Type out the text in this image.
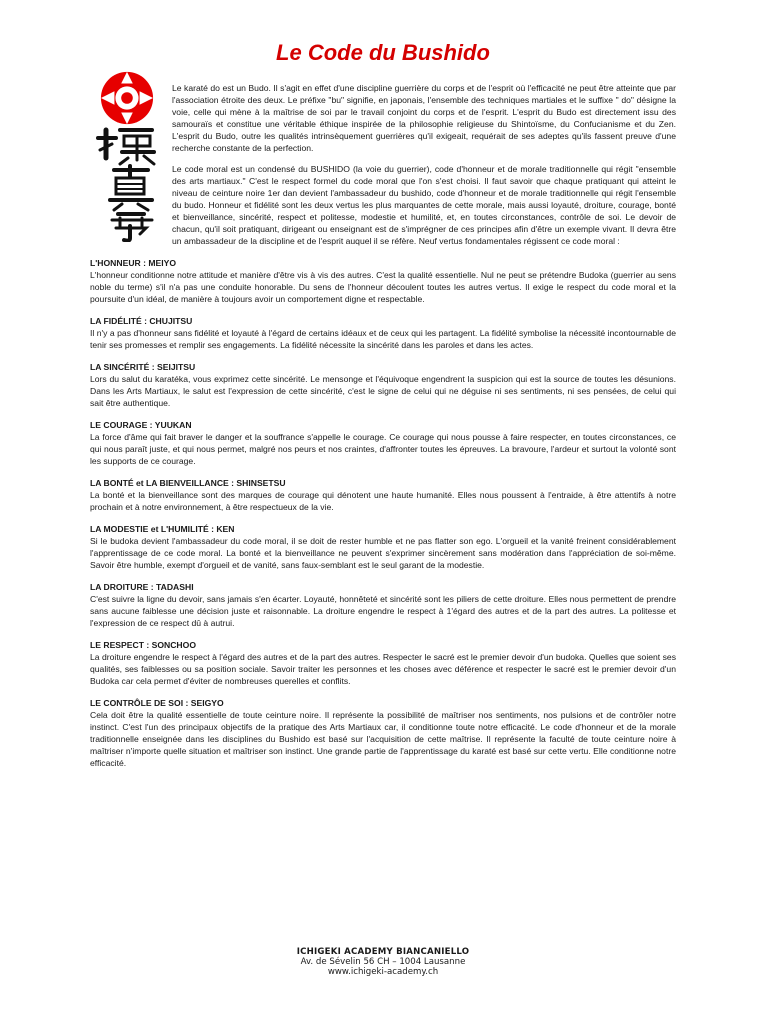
Le Code du Bushido

Le karaté do est un Budo. Il s'agit en effet d'une discipline guerrière du corps et de l'esprit où l'efficacité ne peut être atteinte que par l'association étroite des deux. Le préfixe "bu" signifie, en japonais, l'ensemble des techniques martiales et le suffixe " do" désigne la voie, celle qui mène à la maîtrise de soi par le travail conjoint du corps et de l'esprit. L'esprit du Budo est directement issu des samouraïs et constitue une véritable éthique inspirée de la philosophie religieuse du Shintoïsme, du Confucianisme et du Zen. L'esprit du Budo, outre les qualités intrinsèquement guerrières qu'il exigeait, requérait de ses adeptes qu'ils fassent preuve d'une recherche constante de la perfection.

Le code moral est un condensé du BUSHIDO (la voie du guerrier), code d'honneur et de morale traditionnelle qui régit "ensemble des arts martiaux." C'est le respect formel du code moral que l'on s'est choisi. Il faut savoir que chaque pratiquant qui atteint le niveau de ceinture noire 1er dan devient l'ambassadeur du bushido, code d'honneur et de morale traditionnelle qui régit l'ensemble du budo. Honneur et fidélité sont les deux vertus les plus marquantes de cette morale, mais aussi loyauté, droiture, courage, bonté et bienveillance, sincérité, respect et politesse, modestie et humilité, et, en toutes circonstances, contrôle de soi. Le devoir de chacun, qu'il soit pratiquant, dirigeant ou enseignant est de s'imprégner de ces principes afin d'être un exemple vivant. Il devra être un ambassadeur de la discipline et de l'esprit auquel il se réfère. Neuf vertus fondamentales régissent ce code moral :

L'HONNEUR : MEIYO

L'honneur conditionne notre attitude et manière d'être vis à vis des autres. C'est la qualité essentielle. Nul ne peut se prétendre Budoka (guerrier au sens noble du terme) s'il n'a pas une conduite honorable. Du sens de l'honneur découlent toutes les autres vertus. Il exige le respect du code moral et la poursuite d'un idéal, de manière à toujours avoir un comportement digne et respectable.

LA FIDÉLITÉ : CHUJITSU

Il n'y a pas d'honneur sans fidélité et loyauté à l'égard de certains idéaux et de ceux qui les partagent. La fidélité symbolise la nécessité incontournable de tenir ses promesses et remplir ses engagements. La fidélité nécessite la sincérité dans les paroles et dans les actes.

LA SINCÉRITÉ : SEIJITSU

Lors du salut du karatéka, vous exprimez cette sincérité. Le mensonge et l'équivoque engendrent la suspicion qui est la source de toutes les désunions. Dans les Arts Martiaux, le salut est l'expression de cette sincérité, c'est le signe de celui qui ne déguise ni ses sentiments, ni ses pensées, de celui qui sait être authentique.

LE COURAGE : YUUKAN

La force d'âme qui fait braver le danger et la souffrance s'appelle le courage. Ce courage qui nous pousse à faire respecter, en toutes circonstances, ce qui nous paraît juste, et qui nous permet, malgré nos peurs et nos craintes, d'affronter toutes les épreuves. La bravoure, l'ardeur et surtout la volonté sont les supports de ce courage.

LA BONTÉ et LA BIENVEILLANCE : SHINSETSU

La bonté et la bienveillance sont des marques de courage qui dénotent une haute humanité. Elles nous poussent à l'entraide, à être attentifs à notre prochain et à notre environnement, à être respectueux de la vie.

LA MODESTIE et L'HUMILITÉ : KEN

Si le budoka devient l'ambassadeur du code moral, il se doit de rester humble et ne pas flatter son ego. L'orgueil et la vanité freinent considérablement l'apprentissage de ce code moral. La bonté et la bienveillance ne peuvent s'exprimer sincèrement sans modération dans l'appréciation de soi-même. Savoir être humble, exempt d'orgueil et de vanité, sans faux-semblant est le seul garant de la modestie.

LA DROITURE : TADASHI

C'est suivre la ligne du devoir, sans jamais s'en écarter. Loyauté, honnêteté et sincérité sont les piliers de cette droiture. Elles nous permettent de prendre sans aucune faiblesse une décision juste et raisonnable. La droiture engendre le respect à 1'égard des autres et de la part des autres. La politesse et l'expression de ce respect dû à autrui.

LE RESPECT : SONCHOO

La droiture engendre le respect à l'égard des autres et de la part des autres. Respecter le sacré est le premier devoir d'un budoka. Quelles que soient ses qualités, ses faiblesses ou sa position sociale. Savoir traiter les personnes et les choses avec déférence et respecter le sacré est le premier devoir d'un Budoka car cela permet d'éviter de nombreuses querelles et conflits.

LE CONTRÔLE DE SOI : SEIGYO

Cela doit être la qualité essentielle de toute ceinture noire. Il représente la possibilité de maîtriser nos sentiments, nos pulsions et de contrôler notre instinct. C'est l'un des principaux objectifs de la pratique des Arts Martiaux car, il conditionne toute notre efficacité. Le code d'honneur et de la morale traditionnelle enseignée dans les disciplines du Bushido est basé sur l'acquisition de cette maîtrise. Il représente la faculté de toute ceinture noire à maîtriser n'importe quelle situation et maîtriser son instinct. Une grande partie de l'apprentissage du karaté est basé sur cette vertu. Elle conditionne notre efficacité.

ICHIGEKI ACADEMY BIANCANIELLO
Av. de Sévelin 56 CH – 1004 Lausanne
www.ichigeki-academy.ch
